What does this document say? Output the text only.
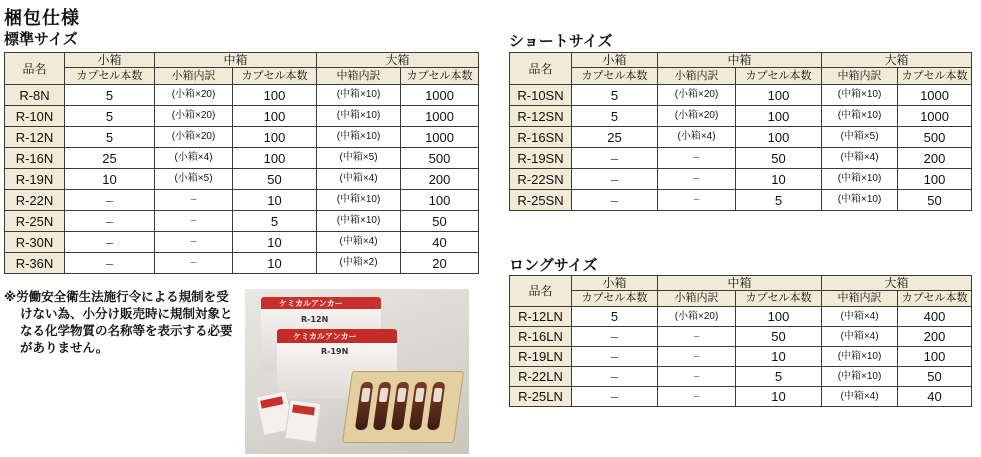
梱包仕様
標準サイズ	ショートサイズ
ロングサイズ
品名	小箱	中箱		大箱	
	カプセル本数	小箱内訳	カプセル本数	中箱内訳	カプセル本数
R-8N	5	(小箱×20)	100	(中箱×10)	1000
R-10N	5	(小箱×20)	100	(中箱×10)	1000
R-12N	5	(小箱×20)	100	(中箱×10)	1000
R-16N	25	(小箱×4)	100	(中箱×5)	500
R-19N	10	(小箱×5)	50	(中箱×4)	200
R-22N	–	–	10	(中箱×10)	100
R-25N	–	–	5	(中箱×10)	50
R-30N	–	–	10	(中箱×4)	40
R-36N	–	–	10	(中箱×2)	20
品名	小箱	中箱		大箱	
	カプセル本数	小箱内訳	カプセル本数	中箱内訳	カプセル本数
R-10SN	5	(小箱×20)	100	(中箱×10)	1000
R-12SN	5	(小箱×20)	100	(中箱×10)	1000
R-16SN	25	(小箱×4)	100	(中箱×5)	500
R-19SN	–	–	50	(中箱×4)	200
R-22SN	–	–	10	(中箱×10)	100
R-25SN	–	–	5	(中箱×10)	50
品名	小箱	中箱		大箱	
	カプセル本数	小箱内訳	カプセル本数	中箱内訳	カプセル本数
R-12LN	5	(小箱×20)	100	(中箱×4)	400
R-16LN	–	–	50	(中箱×4)	200
R-19LN	–	–	10	(中箱×10)	100
R-22LN	–	–	5	(中箱×10)	50
R-25LN	–	–	10	(中箱×4)	40
※労働安全衛生法施行令による規制を受けない為、小分け販売時に規制対象となる化学物質の名称等を表示する必要がありません。
ケミカルアンカー
R-12N
ケミカルアンカー
R-19N
